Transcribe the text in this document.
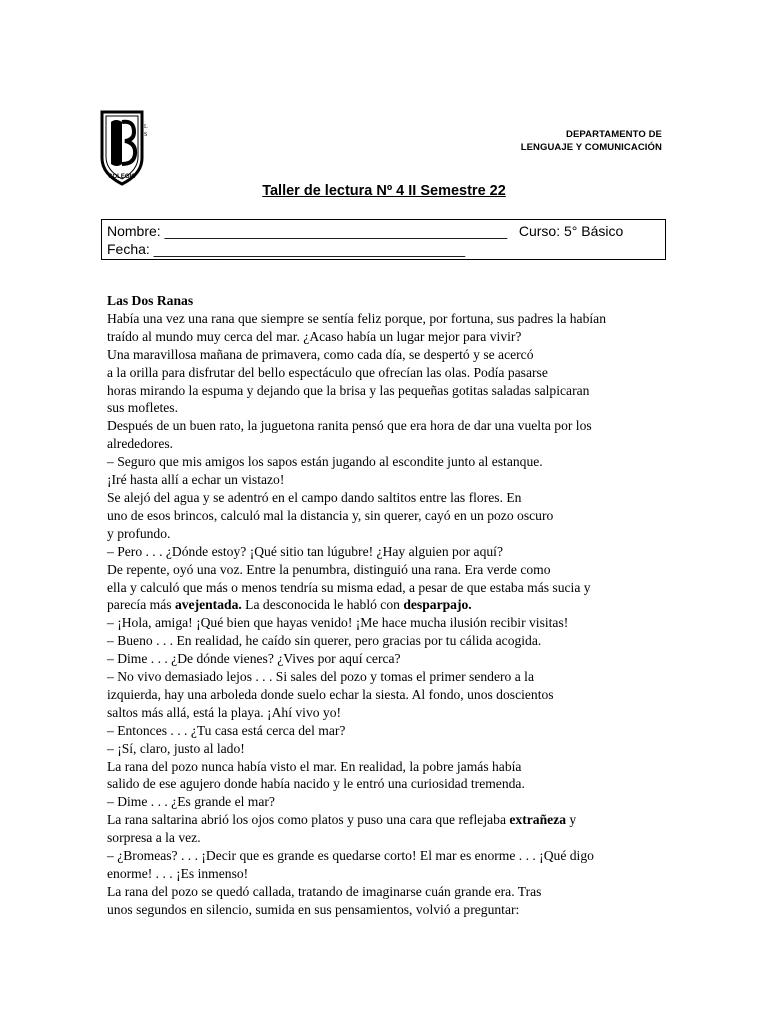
L
S
COLEGIO
DEPARTAMENTO DE
LENGUAJE Y COMUNICACIÓN
Taller de lectura Nº 4 II Semestre 22
Nombre: ____________________________________________ Curso: 5° Básico
Fecha: ________________________________________
Las Dos Ranas
Había una vez una rana que siempre se sentía feliz porque, por fortuna, sus padres la habían
traído al mundo muy cerca del mar. ¿Acaso había un lugar mejor para vivir?
Una maravillosa mañana de primavera, como cada día, se despertó y se acercó
a la orilla para disfrutar del bello espectáculo que ofrecían las olas. Podía pasarse
horas mirando la espuma y dejando que la brisa y las pequeñas gotitas saladas salpicaran
sus mofletes.
Después de un buen rato, la juguetona ranita pensó que era hora de dar una vuelta por los
alrededores.
– Seguro que mis amigos los sapos están jugando al escondite junto al estanque.
¡Iré hasta allí a echar un vistazo!
Se alejó del agua y se adentró en el campo dando saltitos entre las flores. En
uno de esos brincos, calculó mal la distancia y, sin querer, cayó en un pozo oscuro
y profundo.
– Pero . . . ¿Dónde estoy? ¡Qué sitio tan lúgubre! ¿Hay alguien por aquí?
De repente, oyó una voz. Entre la penumbra, distinguió una rana. Era verde como
ella y calculó que más o menos tendría su misma edad, a pesar de que estaba más sucia y
parecía más avejentada. La desconocida le habló con desparpajo.
– ¡Hola, amiga! ¡Qué bien que hayas venido! ¡Me hace mucha ilusión recibir visitas!
– Bueno . . . En realidad, he caído sin querer, pero gracias por tu cálida acogida.
– Dime . . . ¿De dónde vienes? ¿Vives por aquí cerca?
– No vivo demasiado lejos . . . Si sales del pozo y tomas el primer sendero a la
izquierda, hay una arboleda donde suelo echar la siesta. Al fondo, unos doscientos
saltos más allá, está la playa. ¡Ahí vivo yo!
– Entonces . . . ¿Tu casa está cerca del mar?
– ¡Sí, claro, justo al lado!
La rana del pozo nunca había visto el mar. En realidad, la pobre jamás había
salido de ese agujero donde había nacido y le entró una curiosidad tremenda.
– Dime . . . ¿Es grande el mar?
La rana saltarina abrió los ojos como platos y puso una cara que reflejaba extrañeza y
sorpresa a la vez.
– ¿Bromeas? . . . ¡Decir que es grande es quedarse corto! El mar es enorme . . . ¡Qué digo
enorme! . . . ¡Es inmenso!
La rana del pozo se quedó callada, tratando de imaginarse cuán grande era. Tras
unos segundos en silencio, sumida en sus pensamientos, volvió a preguntar:
